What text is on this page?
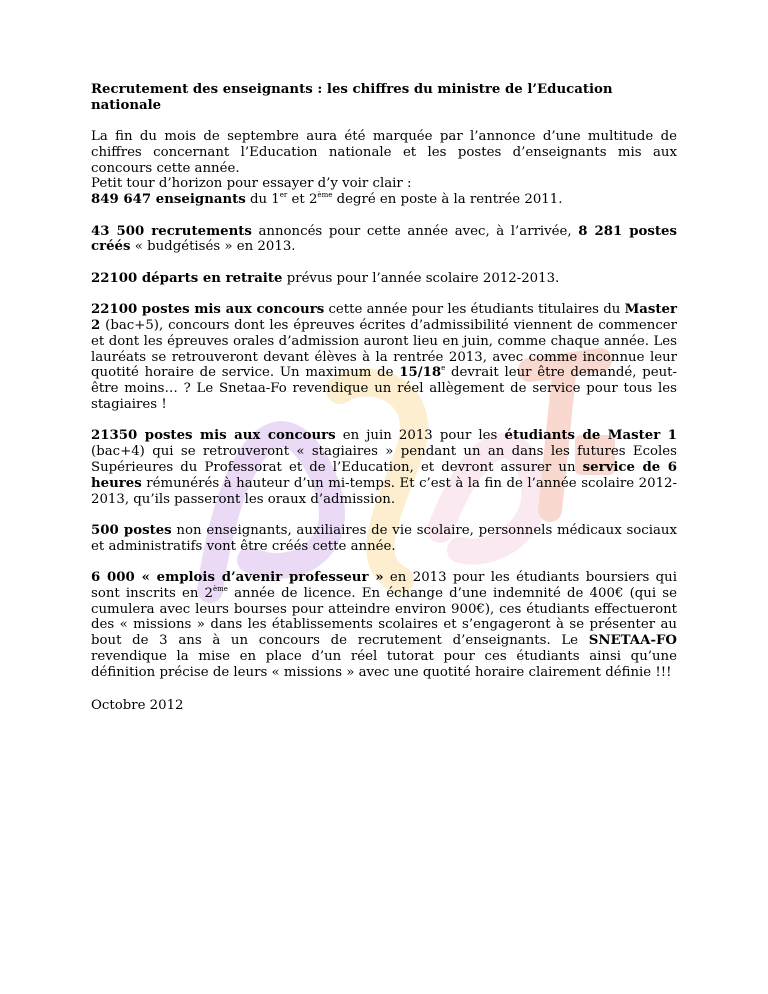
Recrutement des enseignants : les chiffres du ministre de l’Education nationale

La fin du mois de septembre aura été marquée par l’annonce d’une multitude de chiffres concernant l’Education nationale et les postes d’enseignants mis aux concours cette année.
Petit tour d’horizon pour essayer d’y voir clair :
849 647 enseignants du 1er et 2ème degré en poste à la rentrée 2011.

43 500 recrutements annoncés pour cette année avec, à l’arrivée, 8 281 postes créés « budgétisés » en 2013.

22100 départs en retraite prévus pour l’année scolaire 2012-2013.

22100 postes mis aux concours cette année pour les étudiants titulaires du Master 2 (bac+5), concours dont les épreuves écrites d’admissibilité viennent de commencer et dont les épreuves orales d’admission auront lieu en juin, comme chaque année. Les lauréats se retrouveront devant élèves à la rentrée 2013, avec comme inconnue leur quotité horaire de service. Un maximum de 15/18e devrait leur être demandé, peut-être moins… ? Le Snetaa-Fo revendique un réel allègement de service pour tous les stagiaires !

21350 postes mis aux concours en juin 2013 pour les étudiants de Master 1 (bac+4) qui se retrouveront « stagiaires » pendant un an dans les futures Ecoles Supérieures du Professorat et de l’Education, et devront assurer un service de 6 heures rémunérés à hauteur d’un mi-temps. Et c’est à la fin de l’année scolaire 2012-2013, qu’ils passeront les oraux d’admission.

500 postes non enseignants, auxiliaires de vie scolaire, personnels médicaux sociaux et administratifs vont être créés cette année.

6 000 « emplois d’avenir professeur » en 2013 pour les étudiants boursiers qui sont inscrits en 2ème année de licence. En échange d’une indemnité de 400€ (qui se cumulera avec leurs bourses pour atteindre environ 900€), ces étudiants effectueront des « missions » dans les établissements scolaires et s’engageront à se présenter au bout de 3 ans à un concours de recrutement d’enseignants. Le SNETAA-FO revendique la mise en place d’un réel tutorat pour ces étudiants ainsi qu’une définition précise de leurs « missions » avec une quotité horaire clairement définie !!!

Octobre 2012
